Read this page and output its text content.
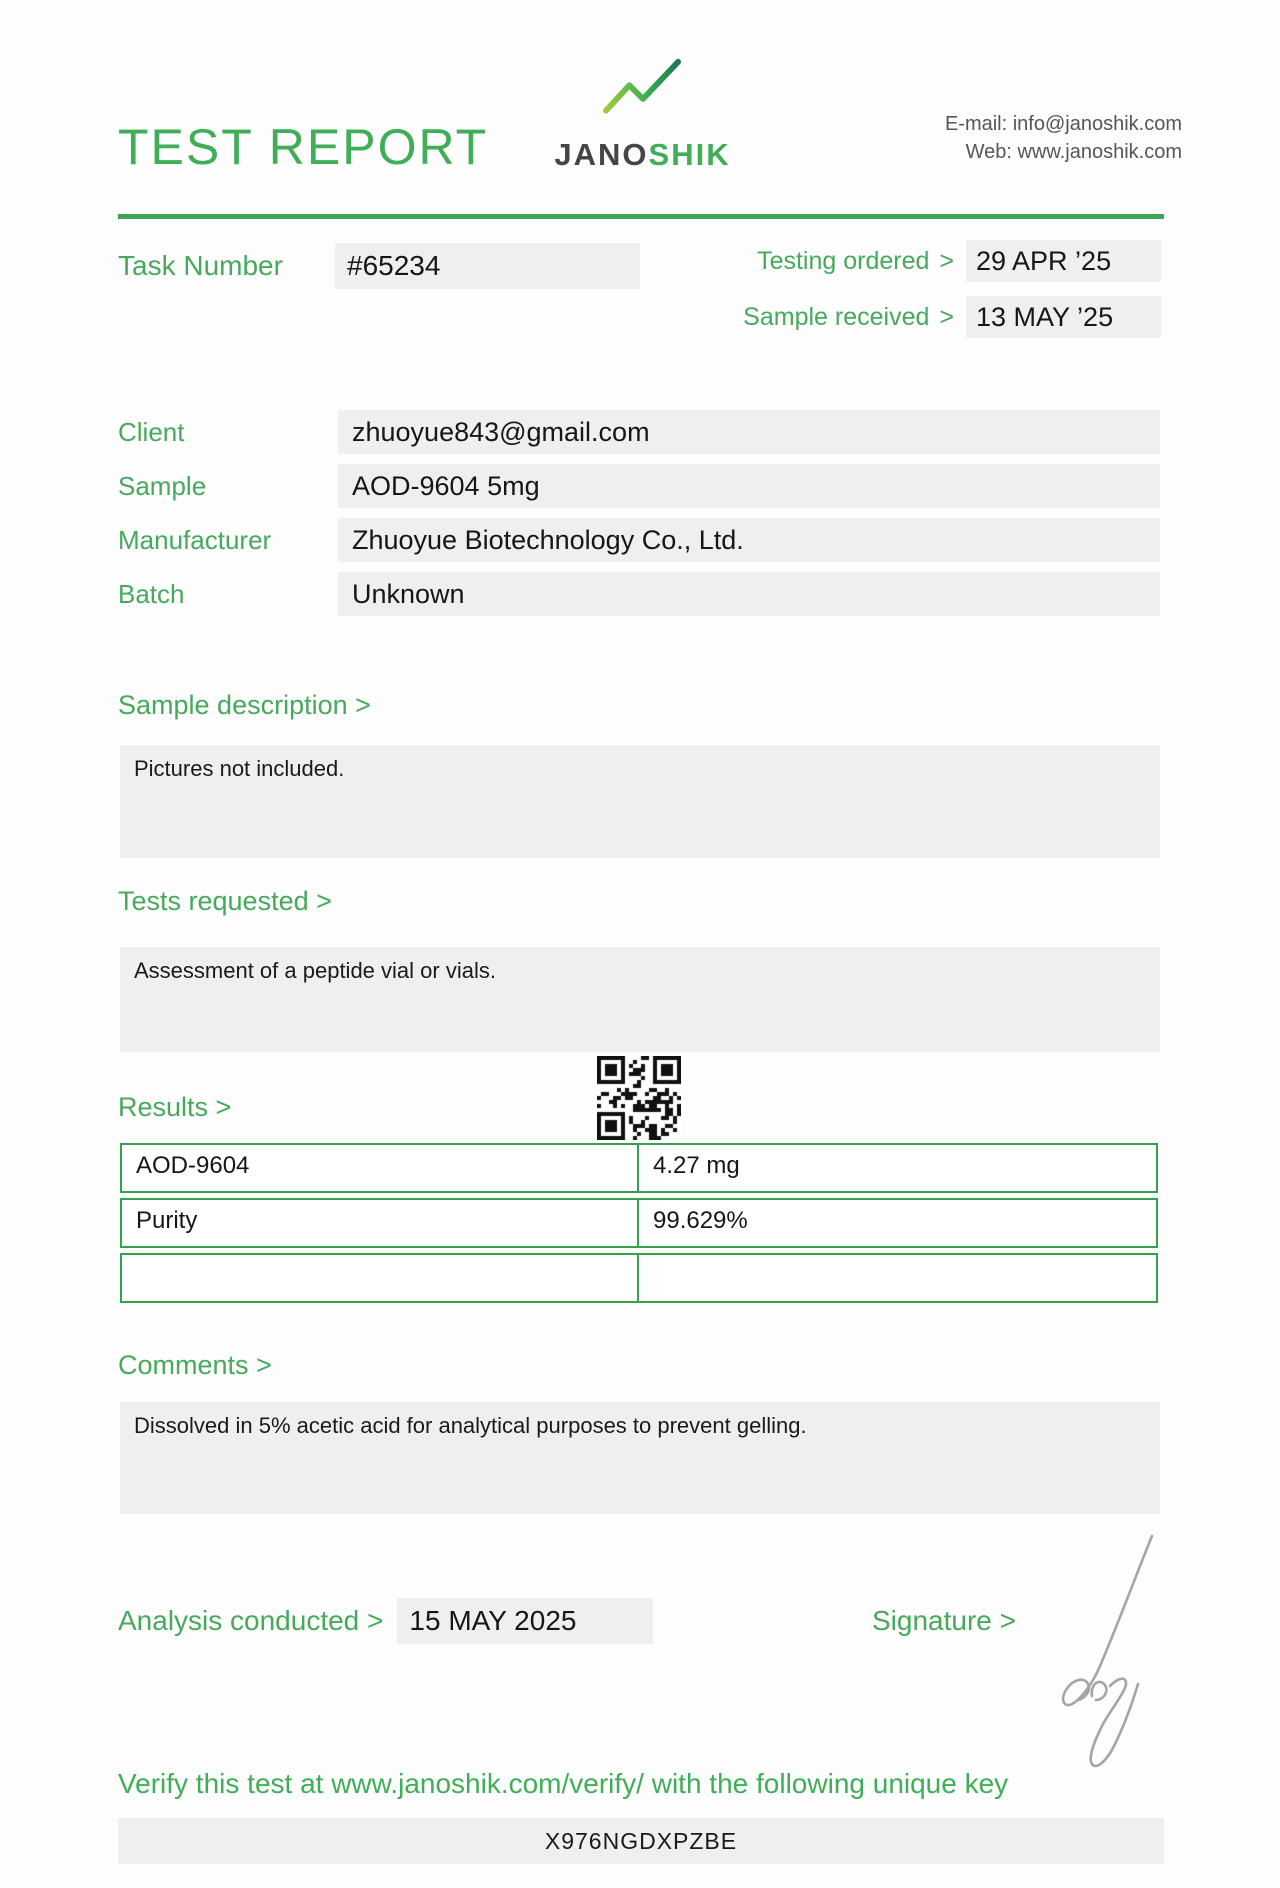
TEST REPORT	JANOSHIK
E-mail: info@janoshik.com
Web: www.janoshik.com
Task Number	#65234	Testing ordered > 29 APR ’25
Sample received > 13 MAY ’25
Client	zhuoyue843@gmail.com
Sample	AOD-9604 5mg
Manufacturer	Zhuoyue Biotechnology Co., Ltd.
Batch	Unknown
Sample description >
Pictures not included.
Tests requested >
Assessment of a peptide vial or vials.
Results >
AOD-9604	4.27 mg
Purity	99.629%
Comments >
Dissolved in 5% acetic acid for analytical purposes to prevent gelling.
Analysis conducted > 15 MAY 2025	Signature >
Verify this test at www.janoshik.com/verify/ with the following unique key
X976NGDXPZBE
